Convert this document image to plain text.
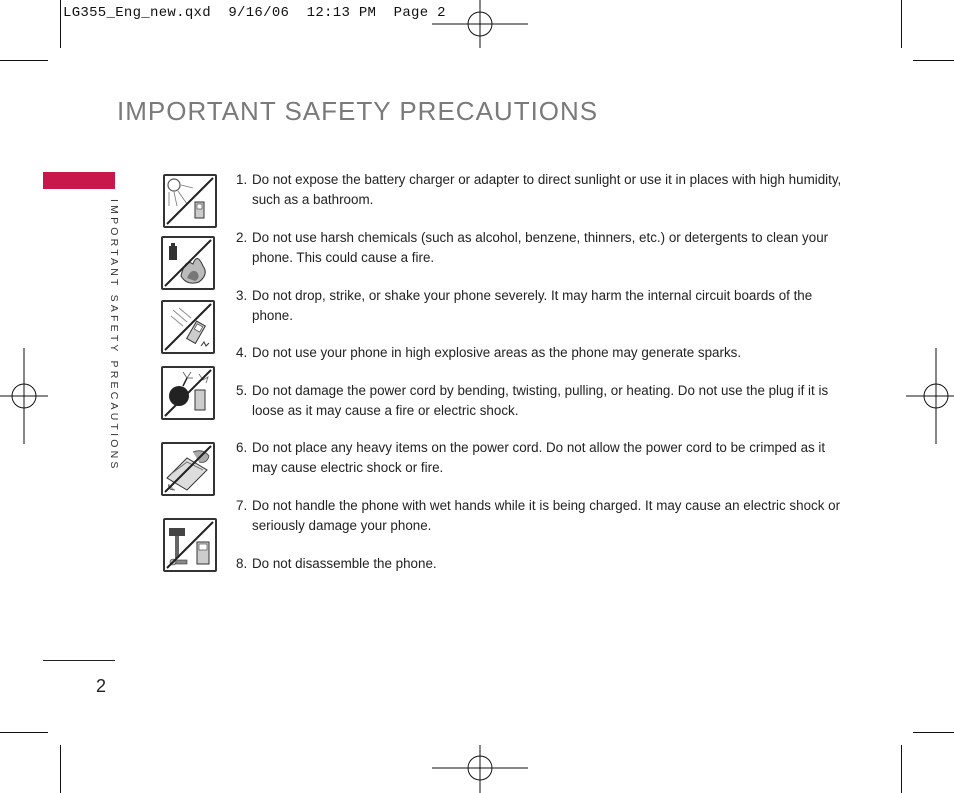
LG355_Eng_new.qxd  9/16/06  12:13 PM  Page 2
IMPORTANT SAFETY PRECAUTIONS
IMPORTANT SAFETY PRECAUTIONS
2
1. Do not expose the battery charger or adapter to direct sunlight or use it in places with high humidity, such as a bathroom.
2. Do not use harsh chemicals (such as alcohol, benzene, thinners, etc.) or detergents to clean your phone. This could cause a fire.
3. Do not drop, strike, or shake your phone severely. It may harm the internal circuit boards of the phone.
4. Do not use your phone in high explosive areas as the phone may generate sparks.
5. Do not damage the power cord by bending, twisting, pulling, or heating. Do not use the plug if it is loose as it may cause a fire or electric shock.
6. Do not place any heavy items on the power cord. Do not allow the power cord to be crimped as it may cause electric shock or fire.
7. Do not handle the phone with wet hands while it is being charged. It may cause an electric shock or seriously damage your phone.
8. Do not disassemble the phone.
